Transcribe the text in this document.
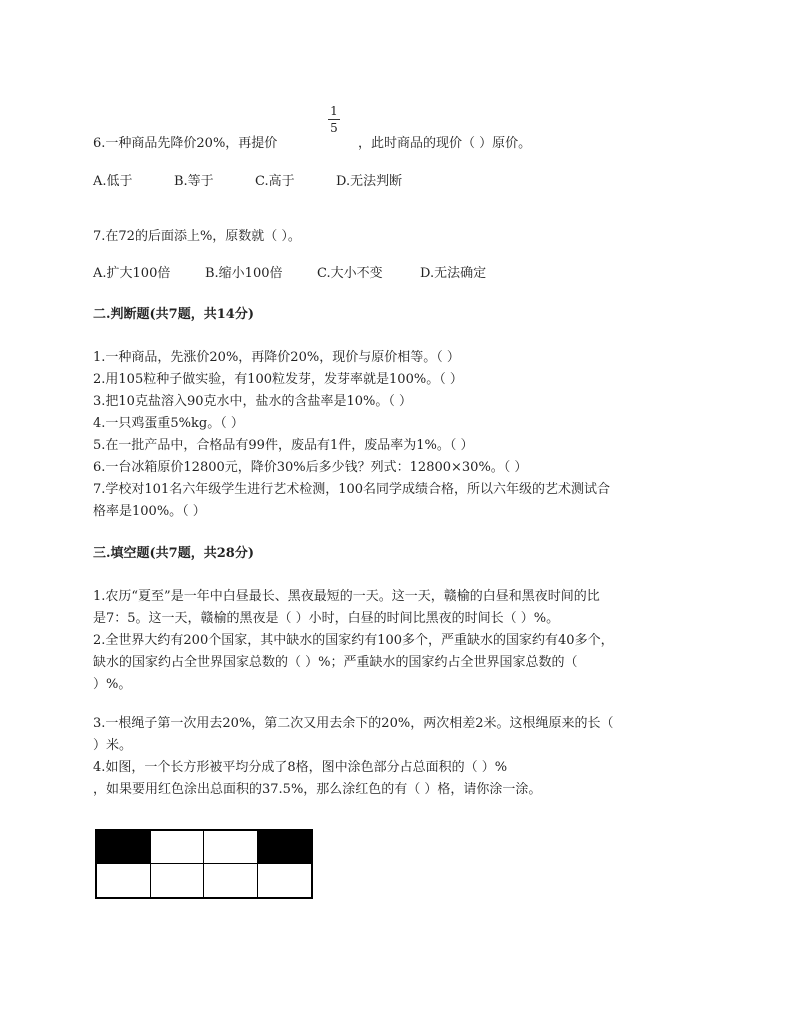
6.一种商品先降价20%，再提价
1
5
，此时商品的现价（ ）原价。
A.低于	B.等于	C.高于	D.无法判断
7.在72的后面添上%，原数就（ ）。
A.扩大100倍	B.缩小100倍	C.大小不变	D.无法确定
二.判断题(共7题，共14分)
1.一种商品，先涨价20%，再降价20%，现价与原价相等。（ ）
2.用105粒种子做实验，有100粒发芽，发芽率就是100%。（ ）
3.把10克盐溶入90克水中，盐水的含盐率是10%。（ ）
4.一只鸡蛋重5%kg。（ ）
5.在一批产品中，合格品有99件，废品有1件，废品率为1%。（ ）
6.一台冰箱原价12800元，降价30%后多少钱？列式：12800×30%。（ ）
7.学校对101名六年级学生进行艺术检测，100名同学成绩合格，所以六年级的艺术测试合
格率是100%。（ ）
三.填空题(共7题，共28分)
1.农历“夏至”是一年中白昼最长、黑夜最短的一天。这一天，赣榆的白昼和黑夜时间的比
是7：5。这一天，赣榆的黑夜是（ ）小时，白昼的时间比黑夜的时间长（ ）%。
2.全世界大约有200个国家，其中缺水的国家约有100多个，严重缺水的国家约有40多个，
缺水的国家约占全世界国家总数的（ ）%；严重缺水的国家约占全世界国家总数的（
）%。
3.一根绳子第一次用去20%，第二次又用去余下的20%，两次相差2米。这根绳原来的长（
）米。
4.如图，一个长方形被平均分成了8格，图中涂色部分占总面积的（ ）%
，如果要用红色涂出总面积的37.5%，那么涂红色的有（ ）格，请你涂一涂。
